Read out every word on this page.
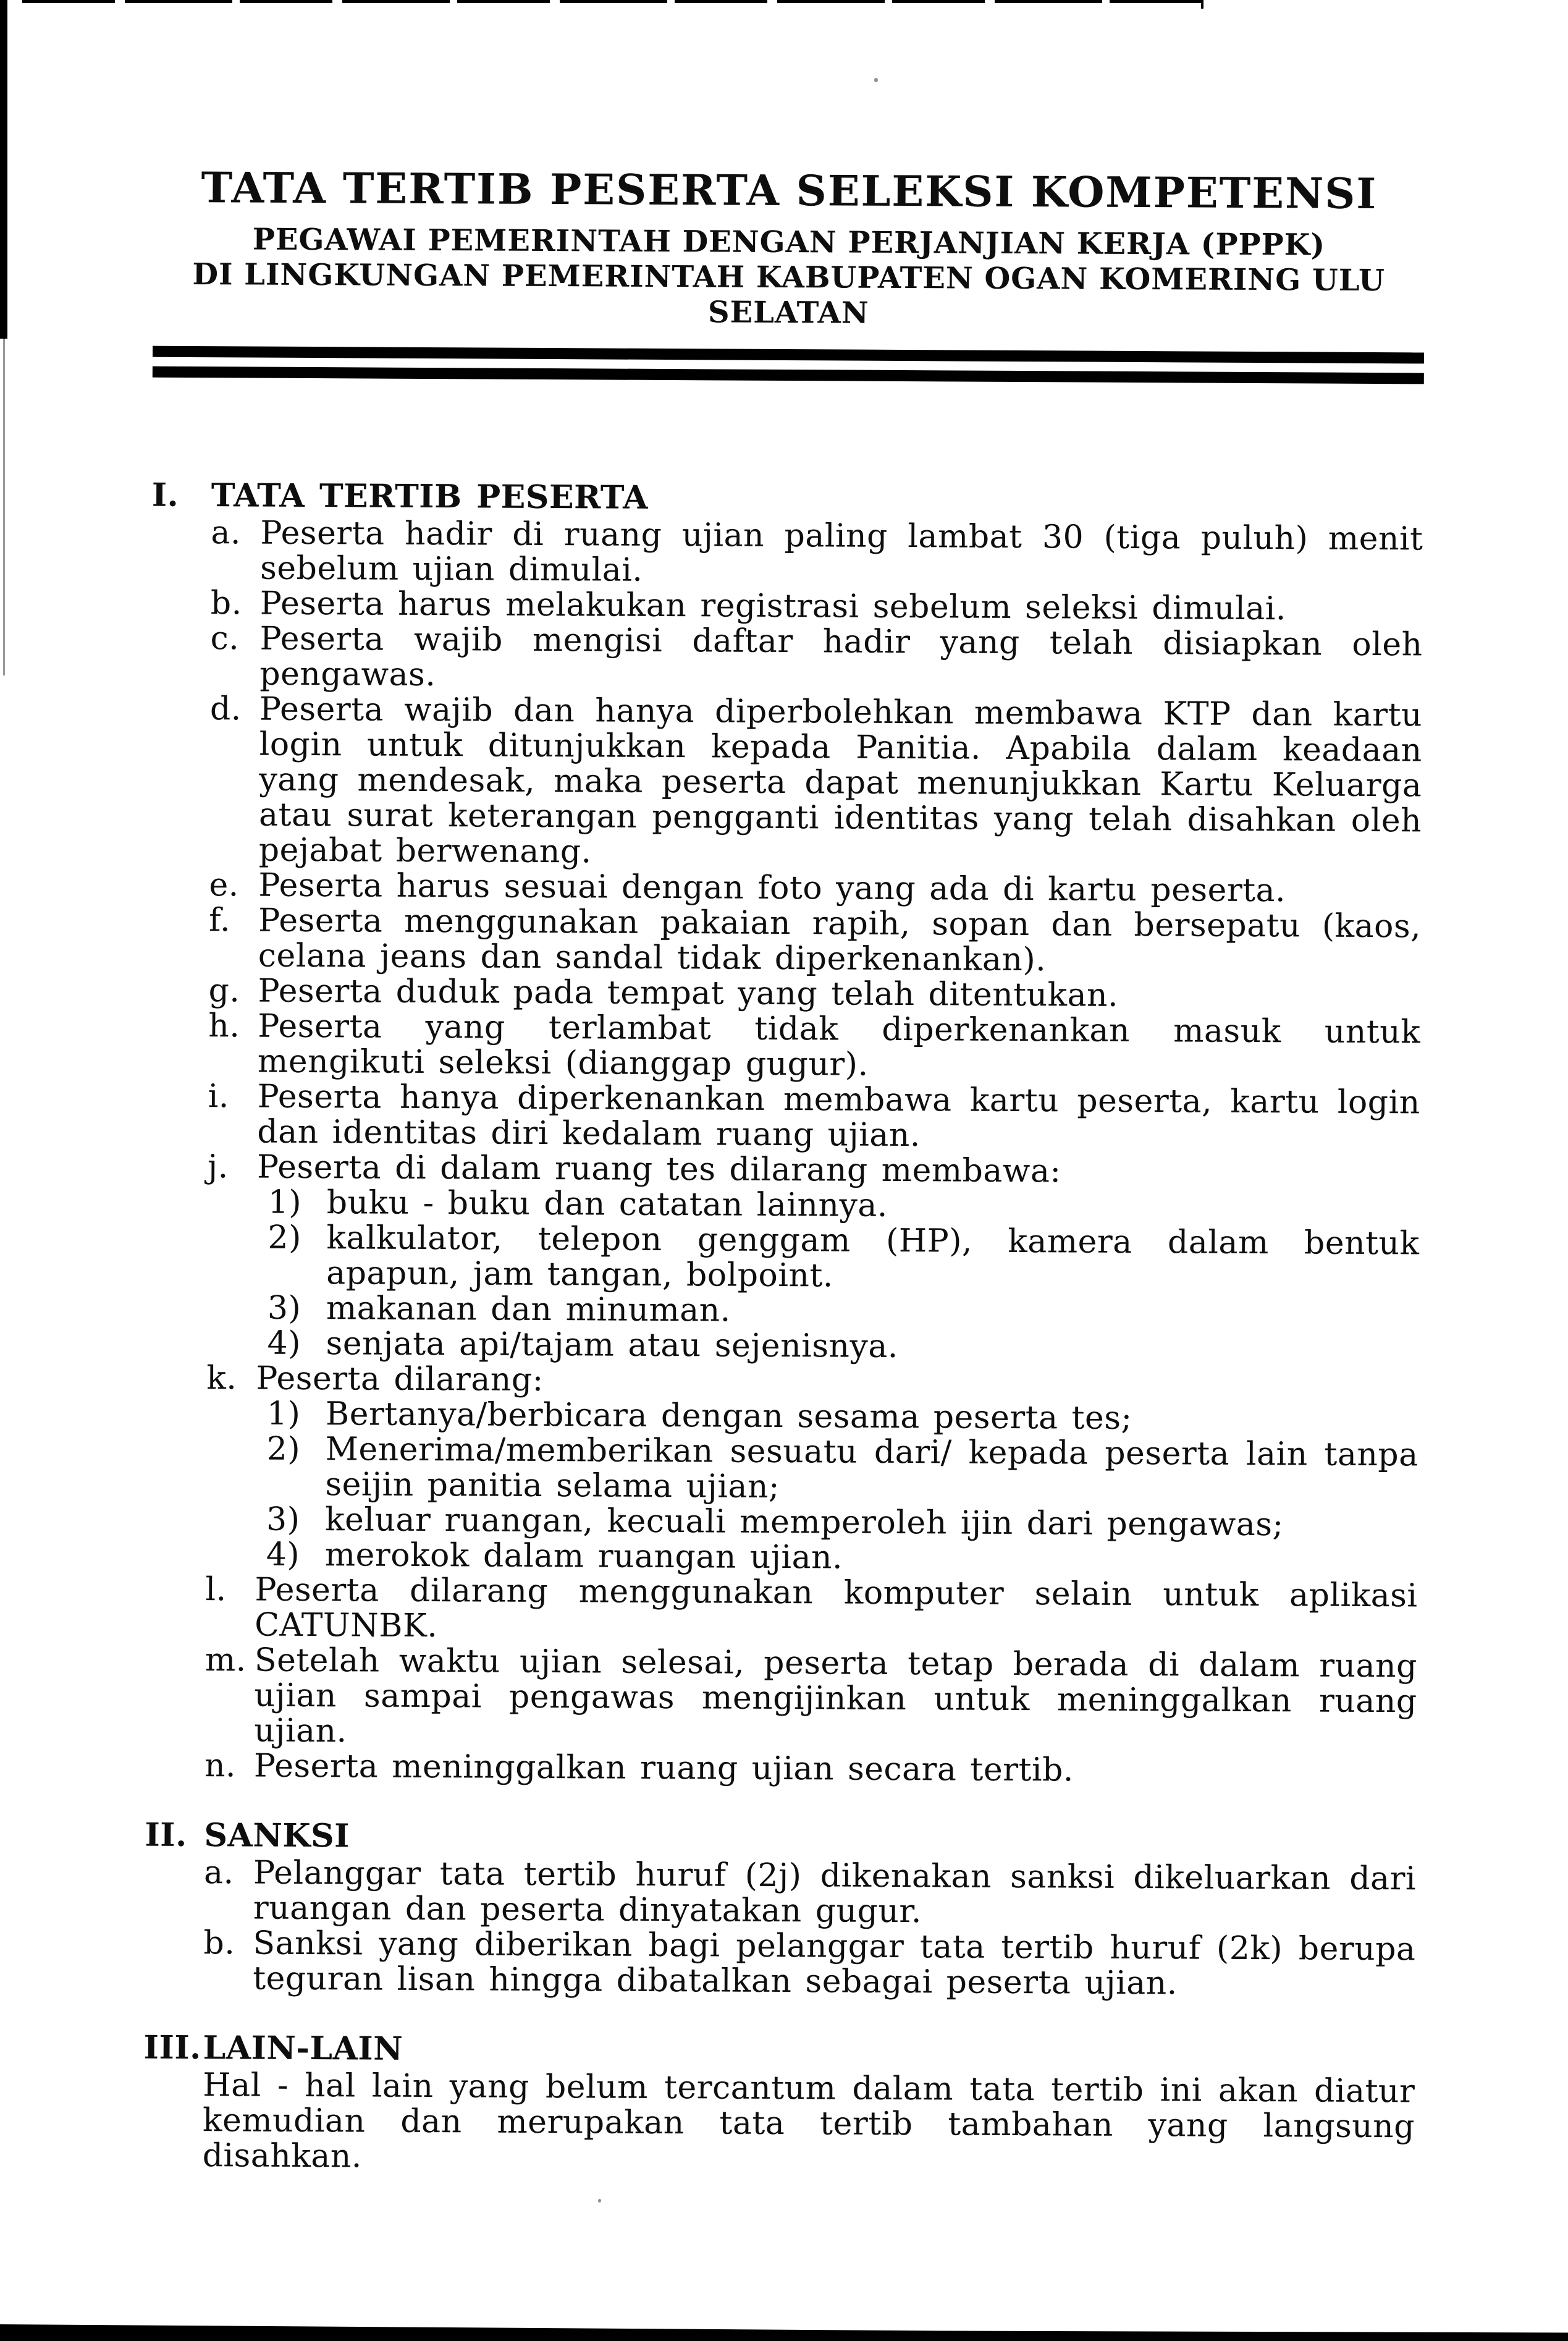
TATA TERTIB PESERTA SELEKSI KOMPETENSI
PEGAWAI PEMERINTAH DENGAN PERJANJIAN KERJA (PPPK)
DI LINGKUNGAN PEMERINTAH KABUPATEN OGAN KOMERING ULU SELATAN
I.	TATA TERTIB PESERTA
a. Peserta hadir di ruang ujian paling lambat 30 (tiga puluh) menit sebelum ujian dimulai.
b. Peserta harus melakukan registrasi sebelum seleksi dimulai.
c. Peserta wajib mengisi daftar hadir yang telah disiapkan oleh pengawas.
d. Peserta wajib dan hanya diperbolehkan membawa KTP dan kartu login untuk ditunjukkan kepada Panitia. Apabila dalam keadaan yang mendesak, maka peserta dapat menunjukkan Kartu Keluarga atau surat keterangan pengganti identitas yang telah disahkan oleh pejabat berwenang.
e. Peserta harus sesuai dengan foto yang ada di kartu peserta.
f. Peserta menggunakan pakaian rapih, sopan dan bersepatu (kaos, celana jeans dan sandal tidak diperkenankan).
g. Peserta duduk pada tempat yang telah ditentukan.
h. Peserta yang terlambat tidak diperkenankan masuk untuk mengikuti seleksi (dianggap gugur).
i. Peserta hanya diperkenankan membawa kartu peserta, kartu login dan identitas diri kedalam ruang ujian.
j. Peserta di dalam ruang tes dilarang membawa:
1) buku - buku dan catatan lainnya.
2) kalkulator, telepon genggam (HP), kamera dalam bentuk apapun, jam tangan, bolpoint.
3) makanan dan minuman.
4) senjata api/tajam atau sejenisnya.
k. Peserta dilarang:
1) Bertanya/berbicara dengan sesama peserta tes;
2) Menerima/memberikan sesuatu dari/ kepada peserta lain tanpa seijin panitia selama ujian;
3) keluar ruangan, kecuali memperoleh ijin dari pengawas;
4) merokok dalam ruangan ujian.
l. Peserta dilarang menggunakan komputer selain untuk aplikasi CATUNBK.
m. Setelah waktu ujian selesai, peserta tetap berada di dalam ruang ujian sampai pengawas mengijinkan untuk meninggalkan ruang ujian.
n. Peserta meninggalkan ruang ujian secara tertib.
II. SANKSI
a. Pelanggar tata tertib huruf (2j) dikenakan sanksi dikeluarkan dari ruangan dan peserta dinyatakan gugur.
b. Sanksi yang diberikan bagi pelanggar tata tertib huruf (2k) berupa teguran lisan hingga dibatalkan sebagai peserta ujian.
III. LAIN-LAIN
Hal - hal lain yang belum tercantum dalam tata tertib ini akan diatur kemudian dan merupakan tata tertib tambahan yang langsung disahkan.
